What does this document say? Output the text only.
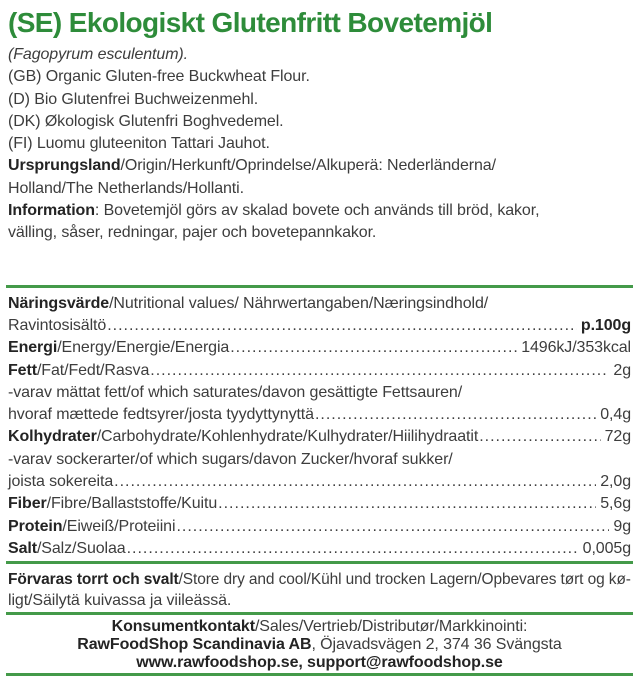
(SE) Ekologiskt Glutenfritt Bovetemjöl
(Fagopyrum esculentum).
(GB) Organic Gluten-free Buckwheat Flour.
(D) Bio Glutenfrei Buchweizenmehl.
(DK) Økologisk Glutenfri Boghvedemel.
(FI) Luomu gluteeniton Tattari Jauhot.
Ursprungsland/Origin/Herkunft/Oprindelse/Alkuperä: Nederländerna/
Holland/The Netherlands/Hollanti.
Information: Bovetemjöl görs av skalad bovete och används till bröd, kakor,
välling, såser, redningar, pajer och bovetepannkakor.
Näringsvärde/Nutritional values/ Nährwertangaben/Næringsindhold/
Ravintosisältö .....	p.100g
Energi/Energy/Energie/Energia .....	1496kJ/353kcal
Fett/Fat/Fedt/Rasva .....	2g
-varav mättat fett/of which saturates/davon gesättigte Fettsauren/
hvoraf mættede fedtsyrer/josta tyydyttynyttä .....	0,4g
Kolhydrater/Carbohydrate/Kohlenhydrate/Kulhydrater/Hiilihydraatit .....	72g
-varav sockerarter/of which sugars/davon Zucker/hvoraf sukker/
joista sokereita .....	2,0g
Fiber/Fibre/Ballaststoffe/Kuitu .....	5,6g
Protein/Eiweiß/Proteiini .....	9g
Salt/Salz/Suolaa .....	0,005g
Förvaras torrt och svalt/Store dry and cool/Kühl und trocken Lagern/Opbevares tørt og kø-
ligt/Säilytä kuivassa ja viileässä.
Konsumentkontakt/Sales/Vertrieb/Distributør/Markkinointi:
RawFoodShop Scandinavia AB, Öjavadsvägen 2, 374 36 Svängsta
www.rawfoodshop.se, support@rawfoodshop.se
